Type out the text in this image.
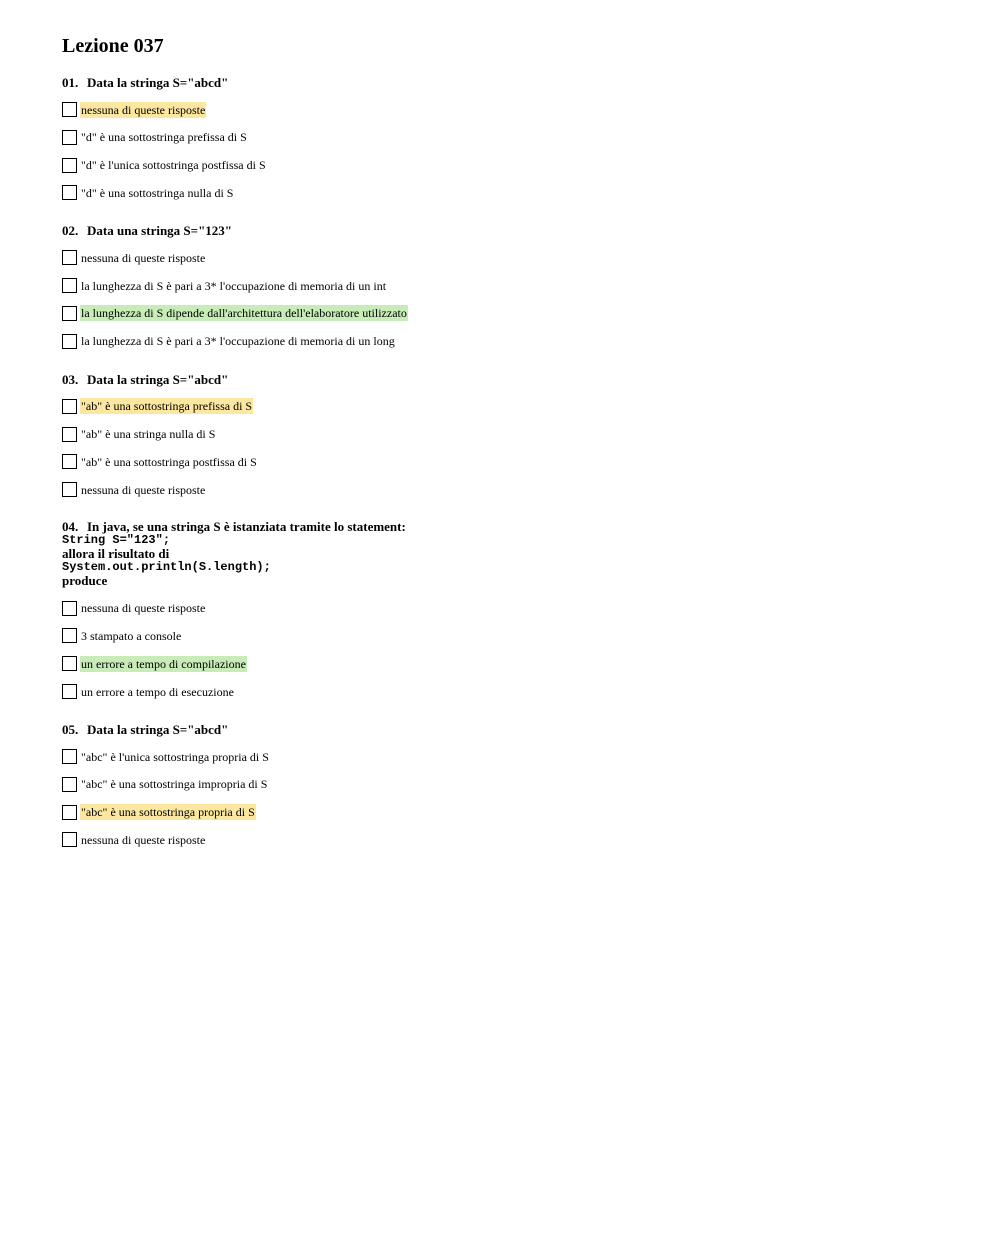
Lezione 037
01. Data la stringa S="abcd"
nessuna di queste risposte
"d" è una sottostringa prefissa di S
"d" è l'unica sottostringa postfissa di S
"d" è una sottostringa nulla di S
02. Data una stringa S="123"
nessuna di queste risposte
la lunghezza di S è pari a 3* l'occupazione di memoria di un int
la lunghezza di S dipende dall'architettura dell'elaboratore utilizzato
la lunghezza di S è pari a 3* l'occupazione di memoria di un long
03. Data la stringa S="abcd"
"ab" è una sottostringa prefissa di S
"ab" è una stringa nulla di S
"ab" è una sottostringa postfissa di S
nessuna di queste risposte
04. In java, se una stringa S è istanziata tramite lo statement:
String S="123";
allora il risultato di
System.out.println(S.length);
produce
nessuna di queste risposte
3 stampato a console
un errore a tempo di compilazione
un errore a tempo di esecuzione
05. Data la stringa S="abcd"
"abc" è l'unica sottostringa propria di S
"abc" è una sottostringa impropria di S
"abc" è una sottostringa propria di S
nessuna di queste risposte
